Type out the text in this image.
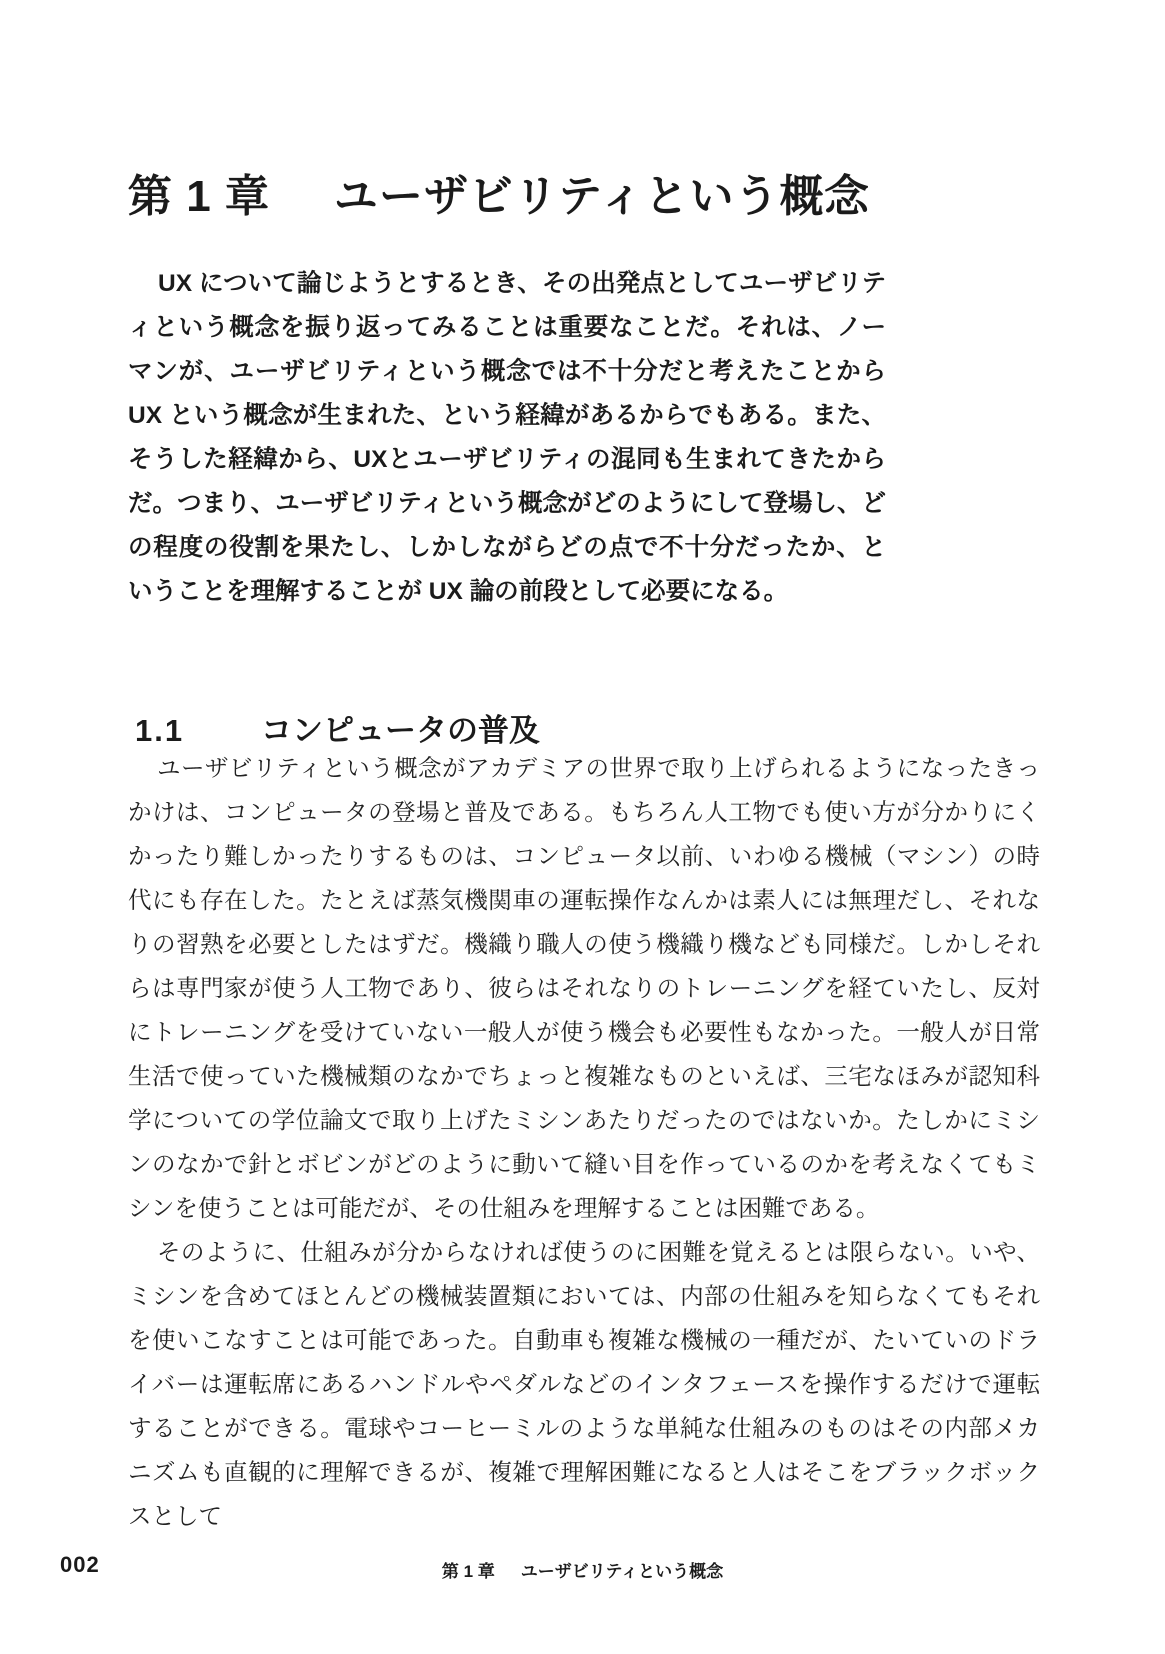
第 1 章 ユーザビリティという概念

UX について論じようとするとき、その出発点としてユーザビリティという概念を振り返ってみることは重要なことだ。それは、ノーマンが、ユーザビリティという概念では不十分だと考えたことから UX という概念が生まれた、という経緯があるからでもある。また、そうした経緯から、UXとユーザビリティの混同も生まれてきたからだ。つまり、ユーザビリティという概念がどのようにして登場し、どの程度の役割を果たし、しかしながらどの点で不十分だったか、ということを理解することが UX 論の前段として必要になる。

1.1 コンピュータの普及

ユーザビリティという概念がアカデミアの世界で取り上げられるようになったきっかけは、コンピュータの登場と普及である。もちろん人工物でも使い方が分かりにくかったり難しかったりするものは、コンピュータ以前、いわゆる機械（マシン）の時代にも存在した。たとえば蒸気機関車の運転操作なんかは素人には無理だし、それなりの習熟を必要としたはずだ。機織り職人の使う機織り機なども同様だ。しかしそれらは専門家が使う人工物であり、彼らはそれなりのトレーニングを経ていたし、反対にトレーニングを受けていない一般人が使う機会も必要性もなかった。一般人が日常生活で使っていた機械類のなかでちょっと複雑なものといえば、三宅なほみが認知科学についての学位論文で取り上げたミシンあたりだったのではないか。たしかにミシンのなかで針とボビンがどのように動いて縫い目を作っているのかを考えなくてもミシンを使うことは可能だが、その仕組みを理解することは困難である。

そのように、仕組みが分からなければ使うのに困難を覚えるとは限らない。いや、ミシンを含めてほとんどの機械装置類においては、内部の仕組みを知らなくてもそれを使いこなすことは可能であった。自動車も複雑な機械の一種だが、たいていのドライバーは運転席にあるハンドルやペダルなどのインタフェースを操作するだけで運転することができる。電球やコーヒーミルのような単純な仕組みのものはその内部メカニズムも直観的に理解できるが、複雑で理解困難になると人はそこをブラックボックスとして

002	第 1 章 ユーザビリティという概念
